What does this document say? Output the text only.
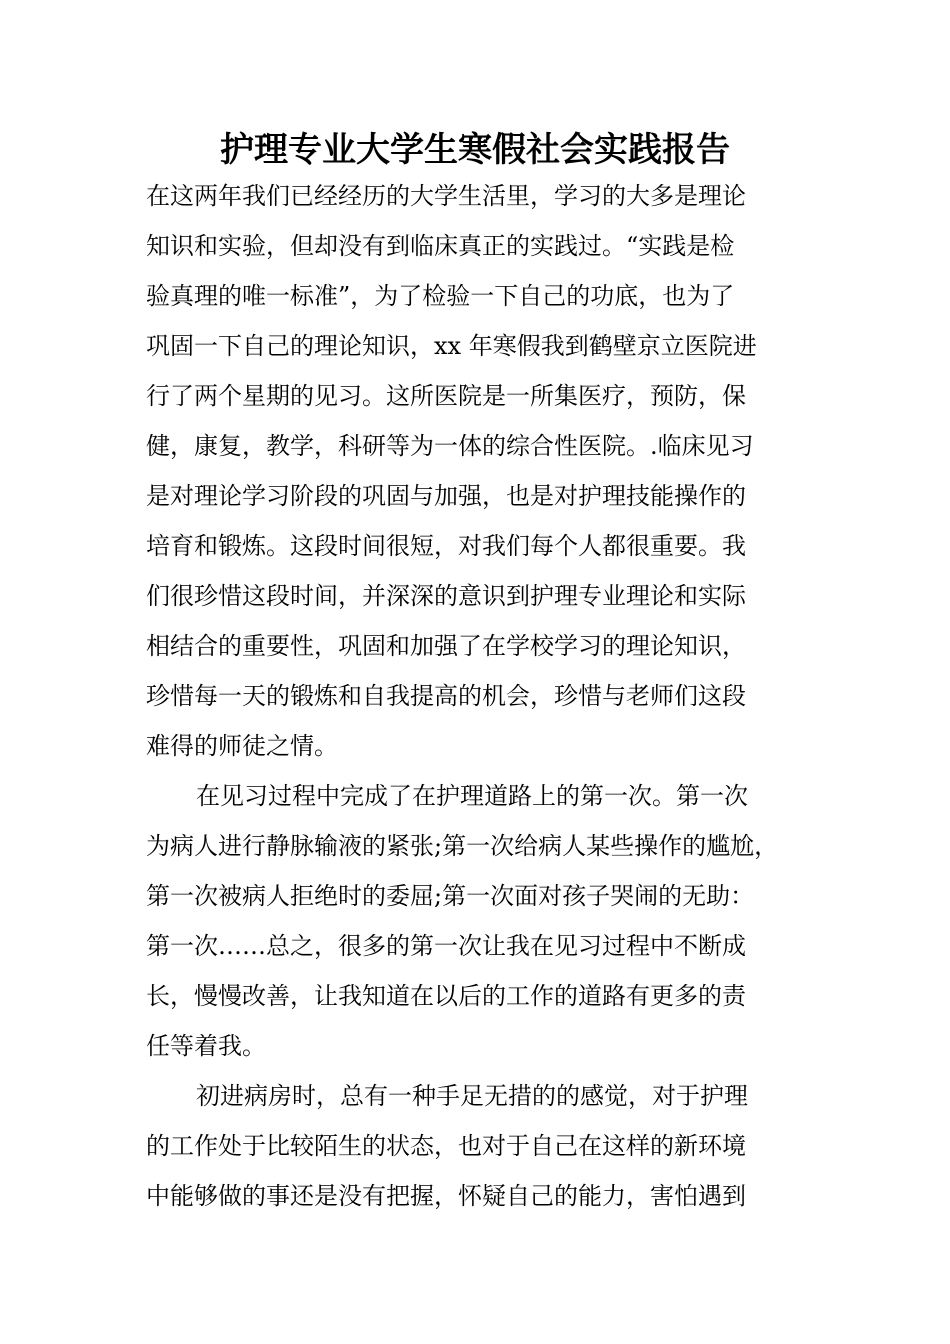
护理专业大学生寒假社会实践报告
在这两年我们已经经历的大学生活里，学习的大多是理论
知识和实验，但却没有到临床真正的实践过。“实践是检
验真理的唯一标准”，为了检验一下自己的功底，也为了
巩固一下自己的理论知识，xx 年寒假我到鹤壁京立医院进
行了两个星期的见习。这所医院是一所集医疗，预防，保
健，康复，教学，科研等为一体的综合性医院。.临床见习
是对理论学习阶段的巩固与加强，也是对护理技能操作的
培育和锻炼。这段时间很短，对我们每个人都很重要。我
们很珍惜这段时间，并深深的意识到护理专业理论和实际
相结合的重要性，巩固和加强了在学校学习的理论知识，
珍惜每一天的锻炼和自我提高的机会，珍惜与老师们这段
难得的师徒之情。
在见习过程中完成了在护理道路上的第一次。第一次
为病人进行静脉输液的紧张;第一次给病人某些操作的尴尬，
第一次被病人拒绝时的委屈;第一次面对孩子哭闹的无助：
第一次……总之，很多的第一次让我在见习过程中不断成
长，慢慢改善，让我知道在以后的工作的道路有更多的责
任等着我。
初进病房时，总有一种手足无措的的感觉，对于护理
的工作处于比较陌生的状态，也对于自己在这样的新环境
中能够做的事还是没有把握，怀疑自己的能力，害怕遇到
